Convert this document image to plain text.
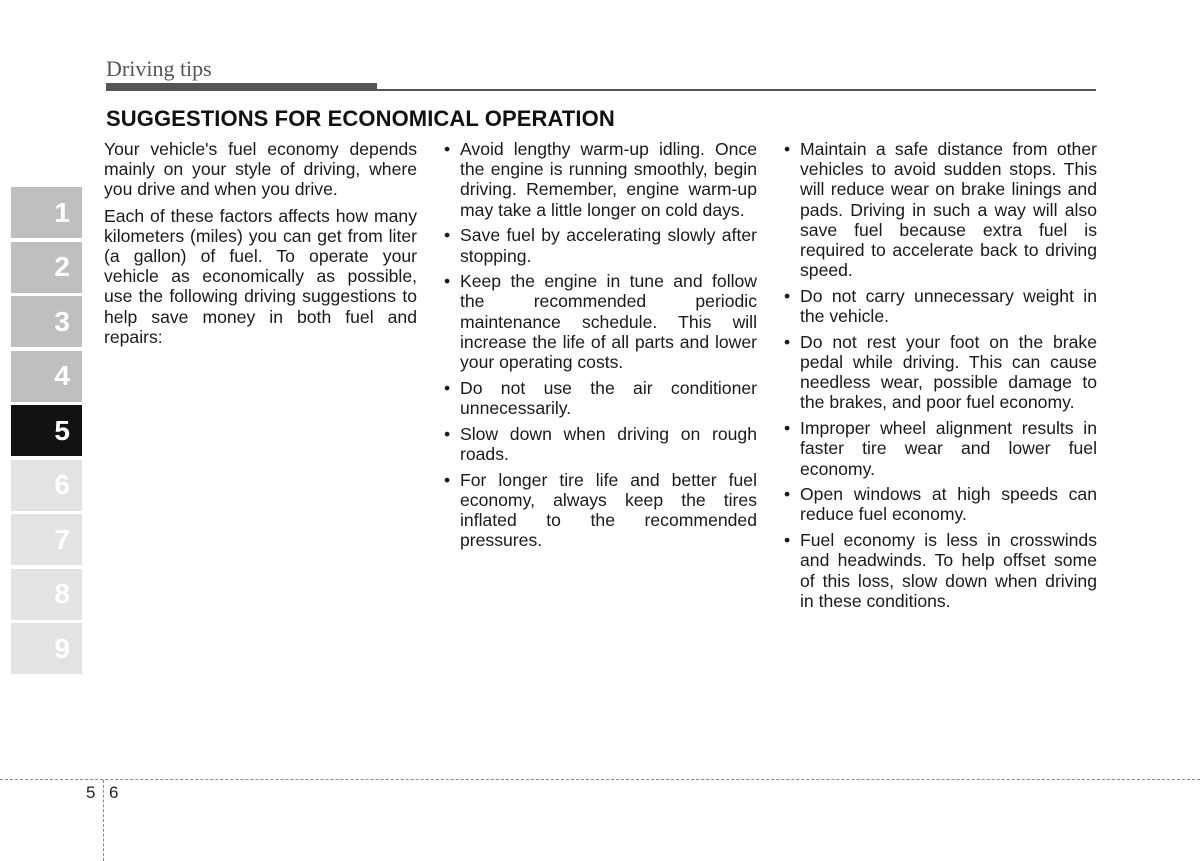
Driving tips
SUGGESTIONS FOR ECONOMICAL OPERATION
1
2
3
4
5
6
7
8
9

Your vehicle's fuel economy depends mainly on your style of driving, where you drive and when you drive.

Each of these factors affects how many kilometers (miles) you can get from liter (a gallon) of fuel. To operate your vehicle as economically as possible, use the following driving suggestions to help save money in both fuel and repairs:

• Avoid lengthy warm-up idling. Once the engine is running smoothly, begin driving. Remember, engine warm-up may take a little longer on cold days.
• Save fuel by accelerating slowly after stopping.
• Keep the engine in tune and follow the recommended periodic maintenance schedule. This will increase the life of all parts and lower your operating costs.
• Do not use the air conditioner unnecessarily.
• Slow down when driving on rough roads.
• For longer tire life and better fuel economy, always keep the tires inflated to the recommended pressures.
• Maintain a safe distance from other vehicles to avoid sudden stops. This will reduce wear on brake linings and pads. Driving in such a way will also save fuel because extra fuel is required to accelerate back to driving speed.
• Do not carry unnecessary weight in the vehicle.
• Do not rest your foot on the brake pedal while driving. This can cause needless wear, possible damage to the brakes, and poor fuel economy.
• Improper wheel alignment results in faster tire wear and lower fuel economy.
• Open windows at high speeds can reduce fuel economy.
• Fuel economy is less in crosswinds and headwinds. To help offset some of this loss, slow down when driving in these conditions.
5 6
